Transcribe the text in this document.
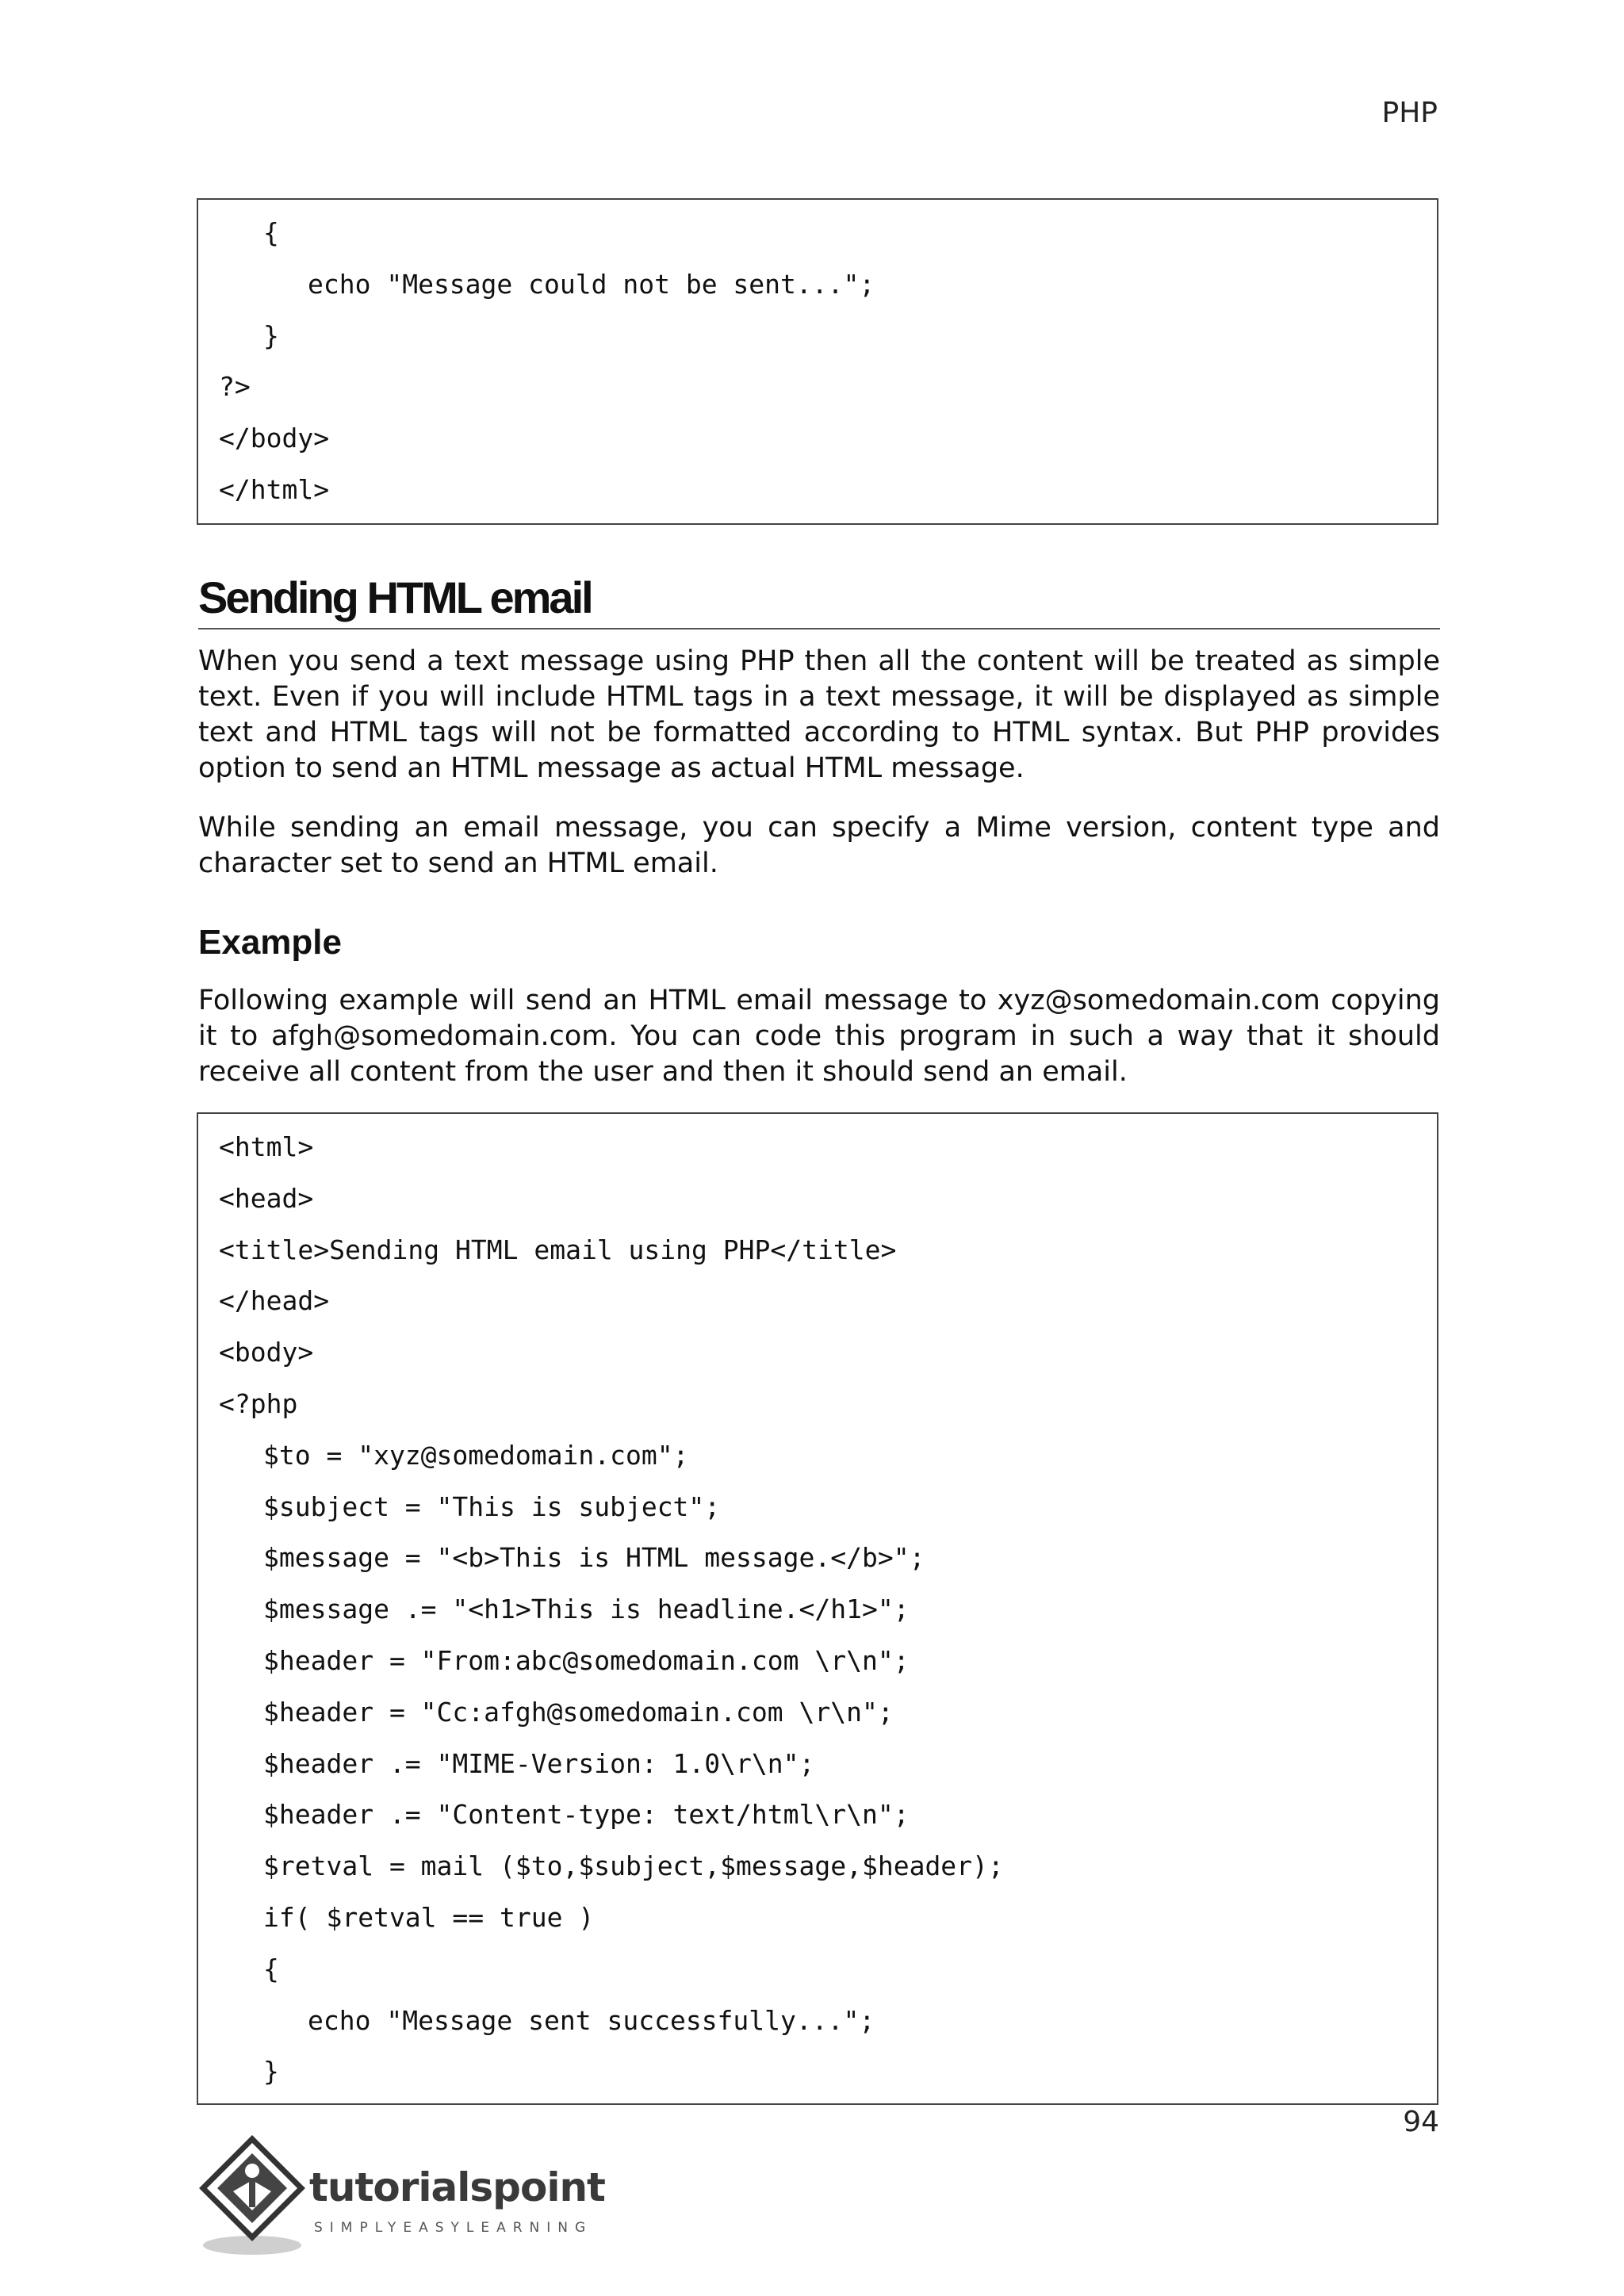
PHP
{
echo "Message could not be sent...";
}
?>
</body>
</html>
Sending HTML email

When you send a text message using PHP then all the content will be treated as simple text. Even if you will include HTML tags in a text message, it will be displayed as simple text and HTML tags will not be formatted according to HTML syntax. But PHP provides option to send an HTML message as actual HTML message.

While sending an email message, you can specify a Mime version, content type and character set to send an HTML email.

Example

Following example will send an HTML email message to xyz@somedomain.com copying it to afgh@somedomain.com. You can code this program in such a way that it should receive all content from the user and then it should send an email.

<html>
<head>
<title>Sending HTML email using PHP</title>
</head>
<body>
<?php
$to = "xyz@somedomain.com";
$subject = "This is subject";
$message = "<b>This is HTML message.</b>";
$message .= "<h1>This is headline.</h1>";
$header = "From:abc@somedomain.com \r\n";
$header = "Cc:afgh@somedomain.com \r\n";
$header .= "MIME-Version: 1.0\r\n";
$header .= "Content-type: text/html\r\n";
$retval = mail ($to,$subject,$message,$header);
if( $retval == true )
{
echo "Message sent successfully...";
}
94
tutorialspoint
SIMPLYEASYLEARNING
